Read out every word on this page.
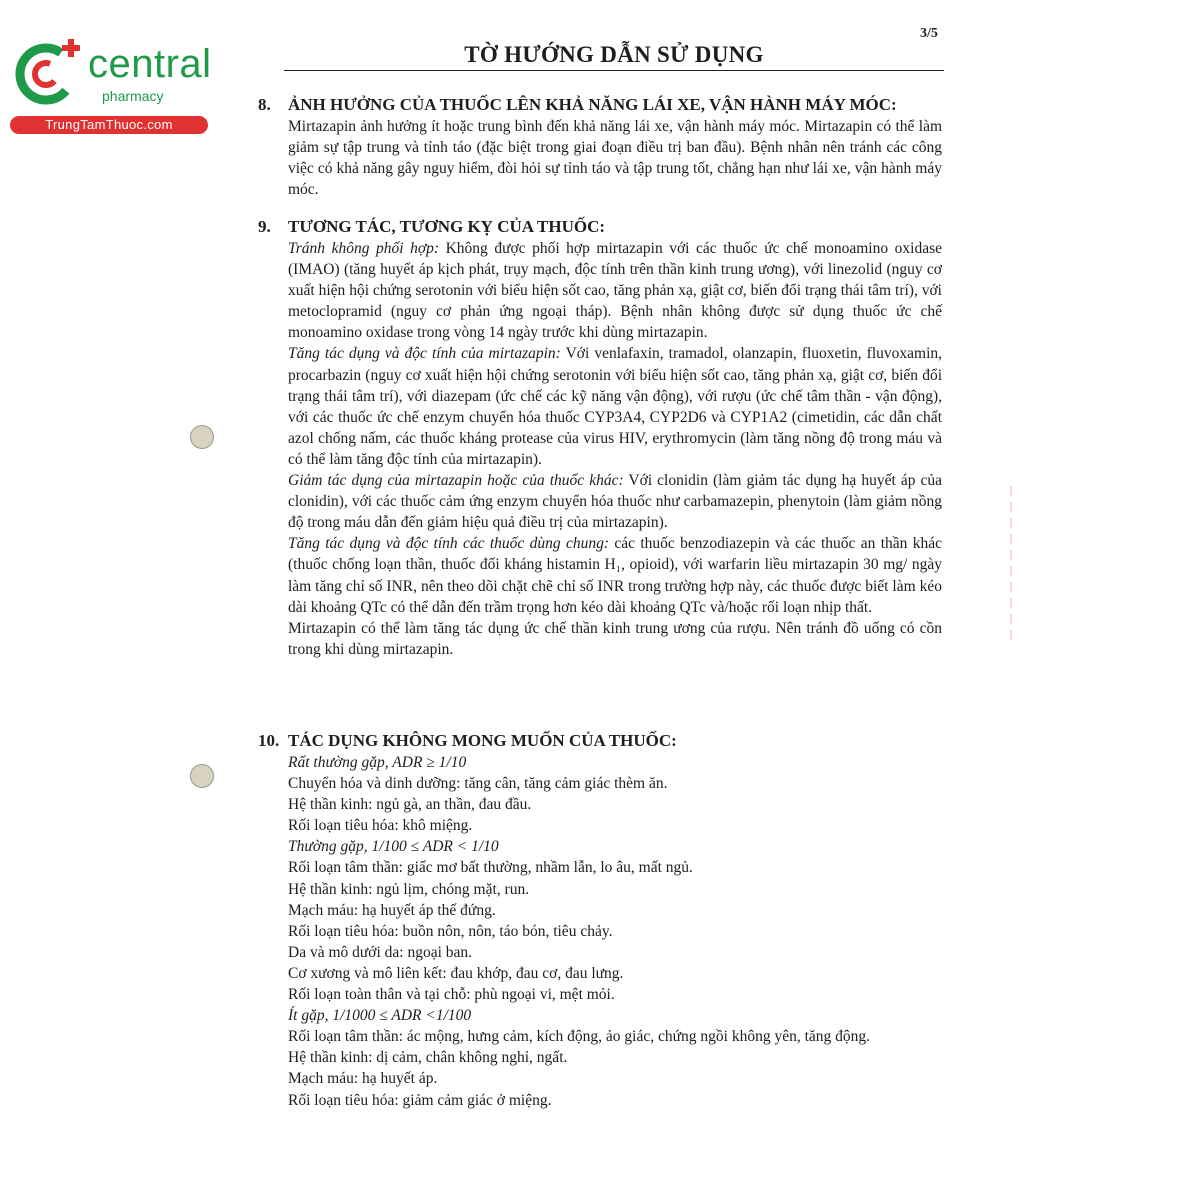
central
pharmacy
TrungTamThuoc.com
3/5
TỜ HƯỚNG DẪN SỬ DỤNG
8. ẢNH HƯỞNG CỦA THUỐC LÊN KHẢ NĂNG LÁI XE, VẬN HÀNH MÁY MÓC:

Mirtazapin ảnh hưởng ít hoặc trung bình đến khả năng lái xe, vận hành máy móc. Mirtazapin có thể làm giảm sự tập trung và tỉnh táo (đặc biệt trong giai đoạn điều trị ban đầu). Bệnh nhân nên tránh các công việc có khả năng gây nguy hiểm, đòi hỏi sự tỉnh táo và tập trung tốt, chẳng hạn như lái xe, vận hành máy móc.

9. TƯƠNG TÁC, TƯƠNG KỴ CỦA THUỐC:

Tránh không phối hợp: Không được phối hợp mirtazapin với các thuốc ức chế monoamino oxidase (IMAO) (tăng huyết áp kịch phát, trụy mạch, độc tính trên thần kinh trung ương), với linezolid (nguy cơ xuất hiện hội chứng serotonin với biểu hiện sốt cao, tăng phản xạ, giật cơ, biến đổi trạng thái tâm trí), với metoclopramid (nguy cơ phản ứng ngoại tháp). Bệnh nhân không được sử dụng thuốc ức chế monoamino oxidase trong vòng 14 ngày trước khi dùng mirtazapin.

Tăng tác dụng và độc tính của mirtazapin: Với venlafaxin, tramadol, olanzapin, fluoxetin, fluvoxamin, procarbazin (nguy cơ xuất hiện hội chứng serotonin với biểu hiện sốt cao, tăng phản xạ, giật cơ, biến đổi trạng thái tâm trí), với diazepam (ức chế các kỹ năng vận động), với rượu (ức chế tâm thần - vận động), với các thuốc ức chế enzym chuyển hóa thuốc CYP3A4, CYP2D6 và CYP1A2 (cimetidin, các dẫn chất azol chống nấm, các thuốc kháng protease của virus HIV, erythromycin (làm tăng nồng độ trong máu và có thể làm tăng độc tính của mirtazapin).

Giảm tác dụng của mirtazapin hoặc của thuốc khác: Với clonidin (làm giảm tác dụng hạ huyết áp của clonidin), với các thuốc cảm ứng enzym chuyển hóa thuốc như carbamazepin, phenytoin (làm giảm nồng độ trong máu dẫn đến giảm hiệu quả điều trị của mirtazapin).

Tăng tác dụng và độc tính các thuốc dùng chung: các thuốc benzodiazepin và các thuốc an thần khác (thuốc chống loạn thần, thuốc đối kháng histamin H₁, opioid), với warfarin liều mirtazapin 30 mg/ ngày làm tăng chỉ số INR, nên theo dõi chặt chẽ chỉ số INR trong trường hợp này, các thuốc được biết làm kéo dài khoảng QTc có thể dẫn đến trầm trọng hơn kéo dài khoảng QTc và/hoặc rối loạn nhịp thất.

Mirtazapin có thể làm tăng tác dụng ức chế thần kinh trung ương của rượu. Nên tránh đồ uống có cồn trong khi dùng mirtazapin.

10. TÁC DỤNG KHÔNG MONG MUỐN CỦA THUỐC:
Rất thường gặp, ADR ≥ 1/10
Chuyển hóa và dinh dưỡng: tăng cân, tăng cảm giác thèm ăn.
Hệ thần kinh: ngủ gà, an thần, đau đầu.
Rối loạn tiêu hóa: khô miệng.
Thường gặp, 1/100 ≤ ADR < 1/10
Rối loạn tâm thần: giấc mơ bất thường, nhầm lẫn, lo âu, mất ngủ.
Hệ thần kinh: ngủ lịm, chóng mặt, run.
Mạch máu: hạ huyết áp thế đứng.
Rối loạn tiêu hóa: buồn nôn, nôn, táo bón, tiêu chảy.
Da và mô dưới da: ngoại ban.
Cơ xương và mô liên kết: đau khớp, đau cơ, đau lưng.
Rối loạn toàn thân và tại chỗ: phù ngoại vi, mệt mỏi.
Ít gặp, 1/1000 ≤ ADR <1/100
Rối loạn tâm thần: ác mộng, hưng cảm, kích động, ảo giác, chứng ngồi không yên, tăng động.
Hệ thần kinh: dị cảm, chân không nghỉ, ngất.
Mạch máu: hạ huyết áp.
Rối loạn tiêu hóa: giảm cảm giác ở miệng.
|
|
|
|
|
|
|
|
|
|
